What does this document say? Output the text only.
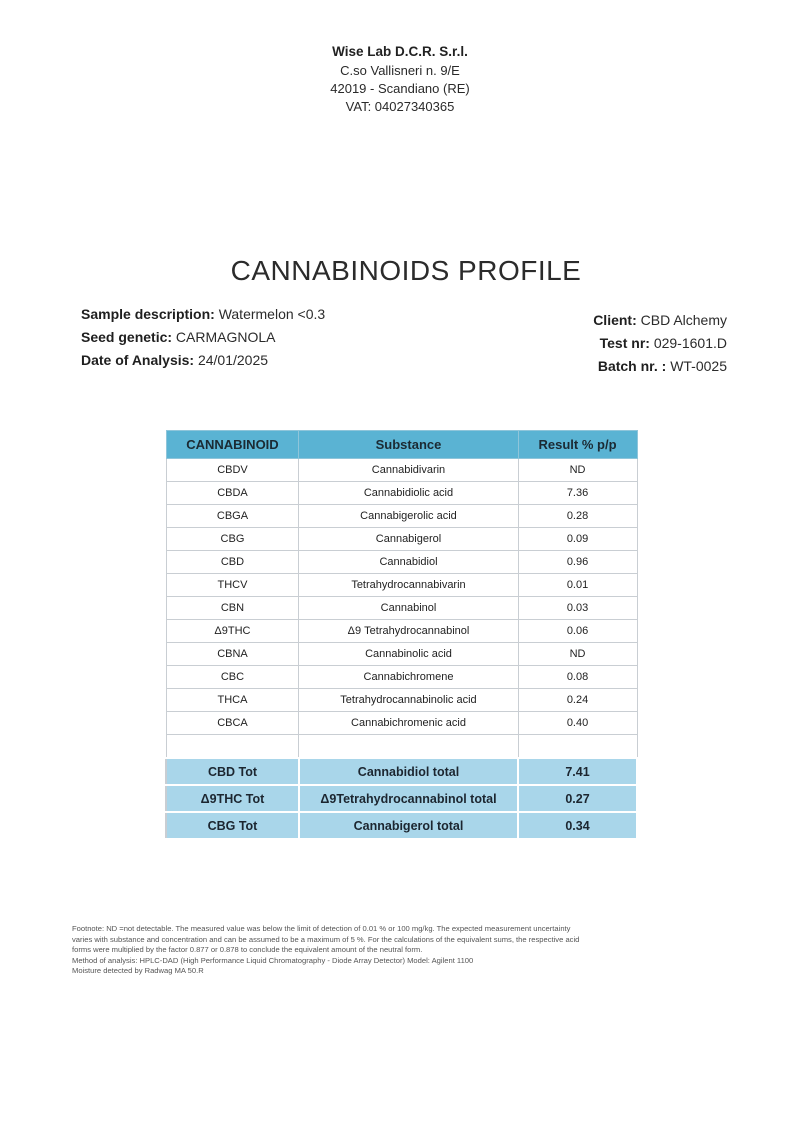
Wise Lab D.C.R. S.r.l.
C.so Vallisneri n. 9/E
42019 - Scandiano (RE)
VAT: 04027340365
CANNABINOIDS PROFILE
Sample description: Watermelon <0.3
Seed genetic: CARMAGNOLA
Date of Analysis: 24/01/2025
Client: CBD Alchemy
Test nr: 029-1601.D
Batch nr. : WT-0025
CANNABINOID	Substance	Result % p/p
CBDV	Cannabidivarin	ND
CBDA	Cannabidiolic acid	7.36
CBGA	Cannabigerolic acid	0.28
CBG	Cannabigerol	0.09
CBD	Cannabidiol	0.96
THCV	Tetrahydrocannabivarin	0.01
CBN	Cannabinol	0.03
Δ9THC	Δ9 Tetrahydrocannabinol	0.06
CBNA	Cannabinolic acid	ND
CBC	Cannabichromene	0.08
THCA	Tetrahydrocannabinolic acid	0.24
CBCA	Cannabichromenic acid	0.40

CBD Tot	Cannabidiol total	7.41
Δ9THC Tot	Δ9Tetrahydrocannabinol total	0.27
CBG Tot	Cannabigerol total	0.34
Footnote: ND =not detectable. The measured value was below the limit of detection of 0.01 % or 100 mg/kg. The expected measurement uncertainty
varies with substance and concentration and can be assumed to be a maximum of 5 %. For the calculations of the equivalent sums, the respective acid
forms were multiplied by the factor 0.877 or 0.878 to conclude the equivalent amount of the neutral form.
Method of analysis: HPLC-DAD (High Performance Liquid Chromatography - Diode Array Detector) Model: Agilent 1100
Moisture detected by Radwag MA 50.R
